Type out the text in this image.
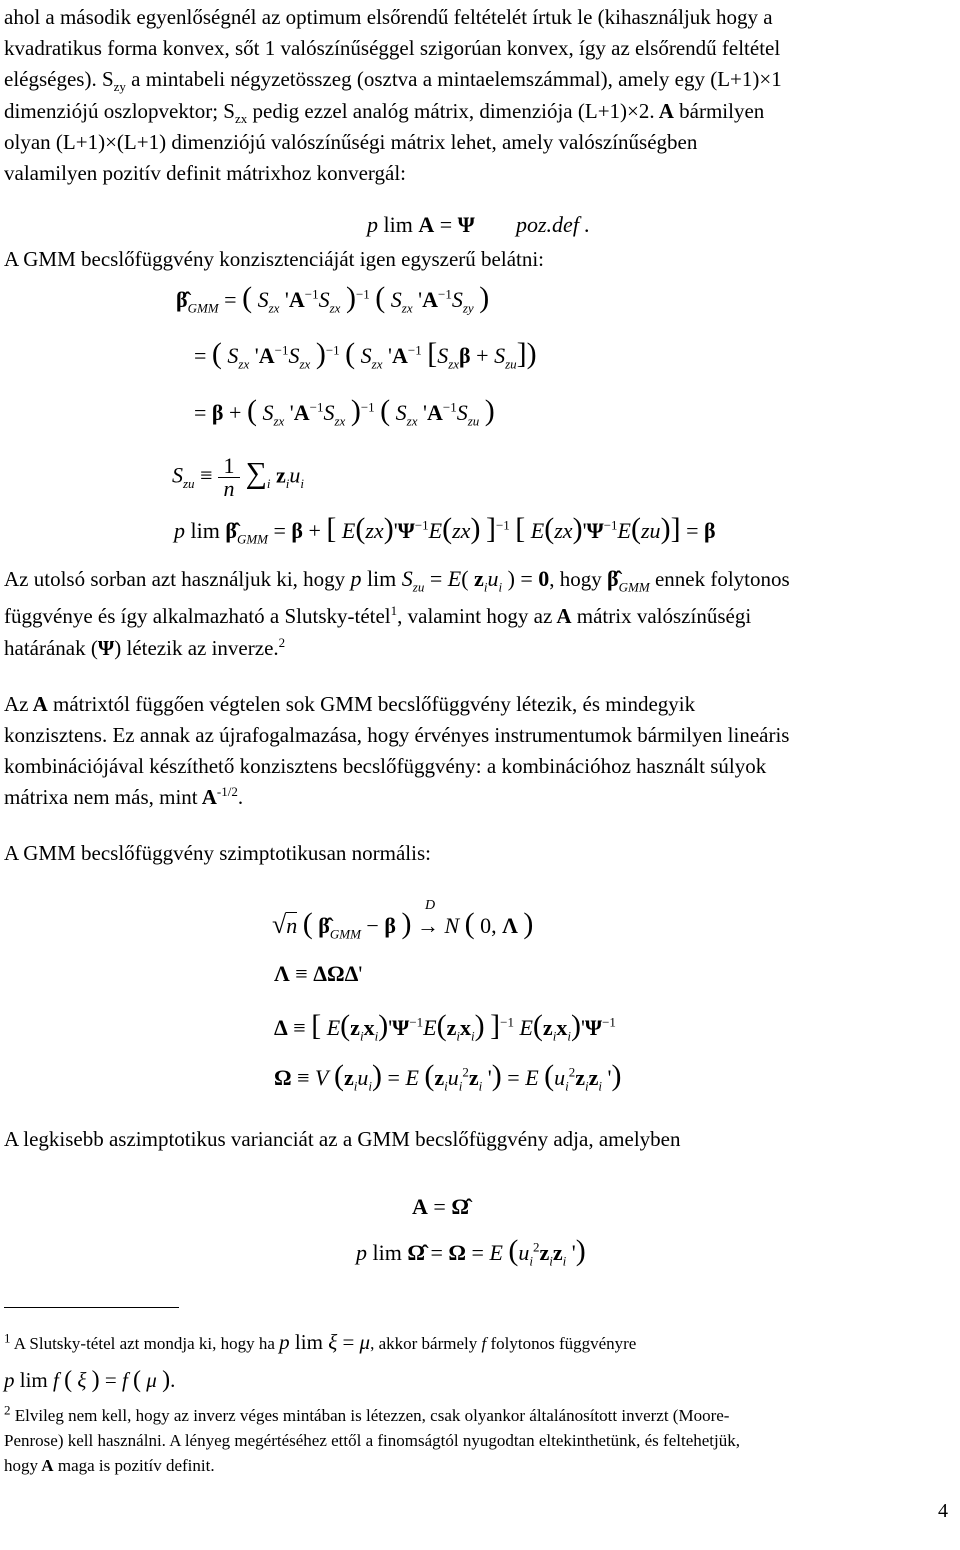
ahol a második egyenlőségnél az optimum elsőrendű feltételét írtuk le (kihasználjuk hogy a
kvadratikus forma konvex, sőt 1 valószínűséggel szigorúan konvex, így az elsőrendű feltétel
elégséges). $S_{zy}$ a mintabeli négyzetösszeg (osztva a mintaelemszámmal), amely egy (L+1)×1
dimenziójú oszlopvektor; $S_{zx}$ pedig ezzel analóg mátrix, dimenziója (L+1)×2. A bármilyen
olyan (L+1)×(L+1) dimenziójú valószínűségi mátrix lehet, amely valószínűségben
valamilyen pozitív definit mátrixhoz konvergál:
p lim A = Ψ poz.def .
A GMM becslőfüggvény konzisztenciáját igen egyszerű belátni:
$\betâ_{GMM}$ = ( $S_{zx}$ '$A^{-1}S_{zx}$ )$^{-1}$ ( $S_{zx}$ '$A^{-1}S_{zy}$ )
= ( $S_{zx}$ '$A^{-1}S_{zx}$ )$^{-1}$ ( $S_{zx}$ '$A^{-1}$ $[S_{zx}\beta + S_{zu}]$)
= β + ( $S_{zx}$ '$A^{-1}S_{zx}$ )$^{-1}$ ( $S_{zx}$ '$A^{-1}S_{zu}$ )
$S_{zu} \equiv \frac{1}{n} \sum_i$ $z_iu_i$
p $\lim \betâ_{GMM} = \beta$ + [ $E(zx)'\Psi^{-1}E(zx)$ ]$^{-1}$ [ $E(zx)'\Psi^{-1}E(zu)] = \beta$
Az utolsó sorban azt használjuk ki, hogy p $\lim S_{zu} = E$( $z_iu_i$ ) = 0, hogy $\betâ_{GMM}$ ennek folytonos
függvénye és így alkalmazható a Slutsky-tétel$^1$, valamint hogy az A mátrix valószínűségi
határának (Ψ) létezik az inverze.$^2$
Az A mátrixtól függően végtelen sok GMM becslőfüggvény létezik, és mindegyik
konzisztens. Ez annak az újrafogalmazása, hogy érvényes instrumentumok bármilyen lineáris
kombinációjával készíthető konzisztens becslőfüggvény: a kombinációhoz használt súlyok
mátrixa nem más, mint $A^{-1/2}$.
A GMM becslőfüggvény szimptotikusan normális:
√n ( $\betâ_{GMM} - \beta$ ) →
D
N ( 0, Λ )
Λ ≡ ΔΩΔ'
Δ ≡ [ $E(z_ix_i)'\Psi^{-1}E(z_ix_i)$ ]$^{-1}$ $E(z_ix_i)'\Psi^{-1}$
Ω ≡ V $(z_iu_i) = E$ ($z_iu_i^2z_i$ ') = E ($u_i^2z_iz_i$ ')
A legkisebb aszimptotikus varianciát az a GMM becslőfüggvény adja, amelyben
A = Ω̂
p lim Ω̂ = Ω = E ($u_i^2z_iz_i$ ')
$^1$ A Slutsky-tétel azt mondja ki, hogy ha p lim ξ = μ, akkor bármely f folytonos függvényre
p lim f ( ξ ) = f ( μ ).
$^2$ Elvileg nem kell, hogy az inverz véges mintában is létezzen, csak olyankor általánosított inverzt (Moore-
Penrose) kell használni. A lényeg megértéséhez ettől a finomságtól nyugodtan eltekinthetünk, és feltehetjük,
hogy A maga is pozitív definit.
4
